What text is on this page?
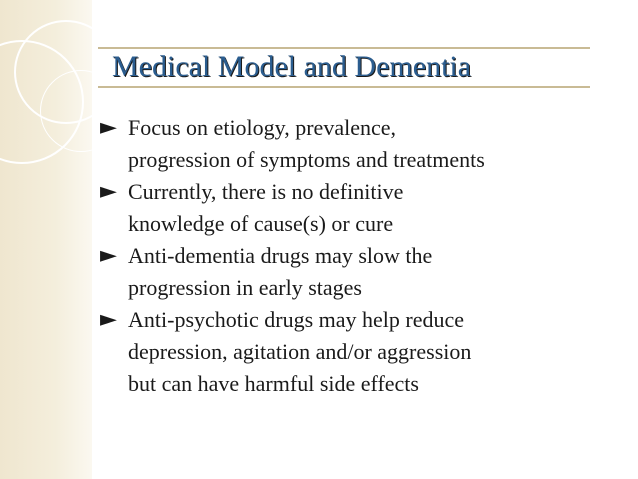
Medical Model and Dementia
► Focus on etiology, prevalence,
progression of symptoms and treatments
► Currently, there is no definitive
knowledge of cause(s) or cure
► Anti-dementia drugs may slow the
progression in early stages
► Anti-psychotic drugs may help reduce
depression, agitation and/or aggression
but can have harmful side effects
